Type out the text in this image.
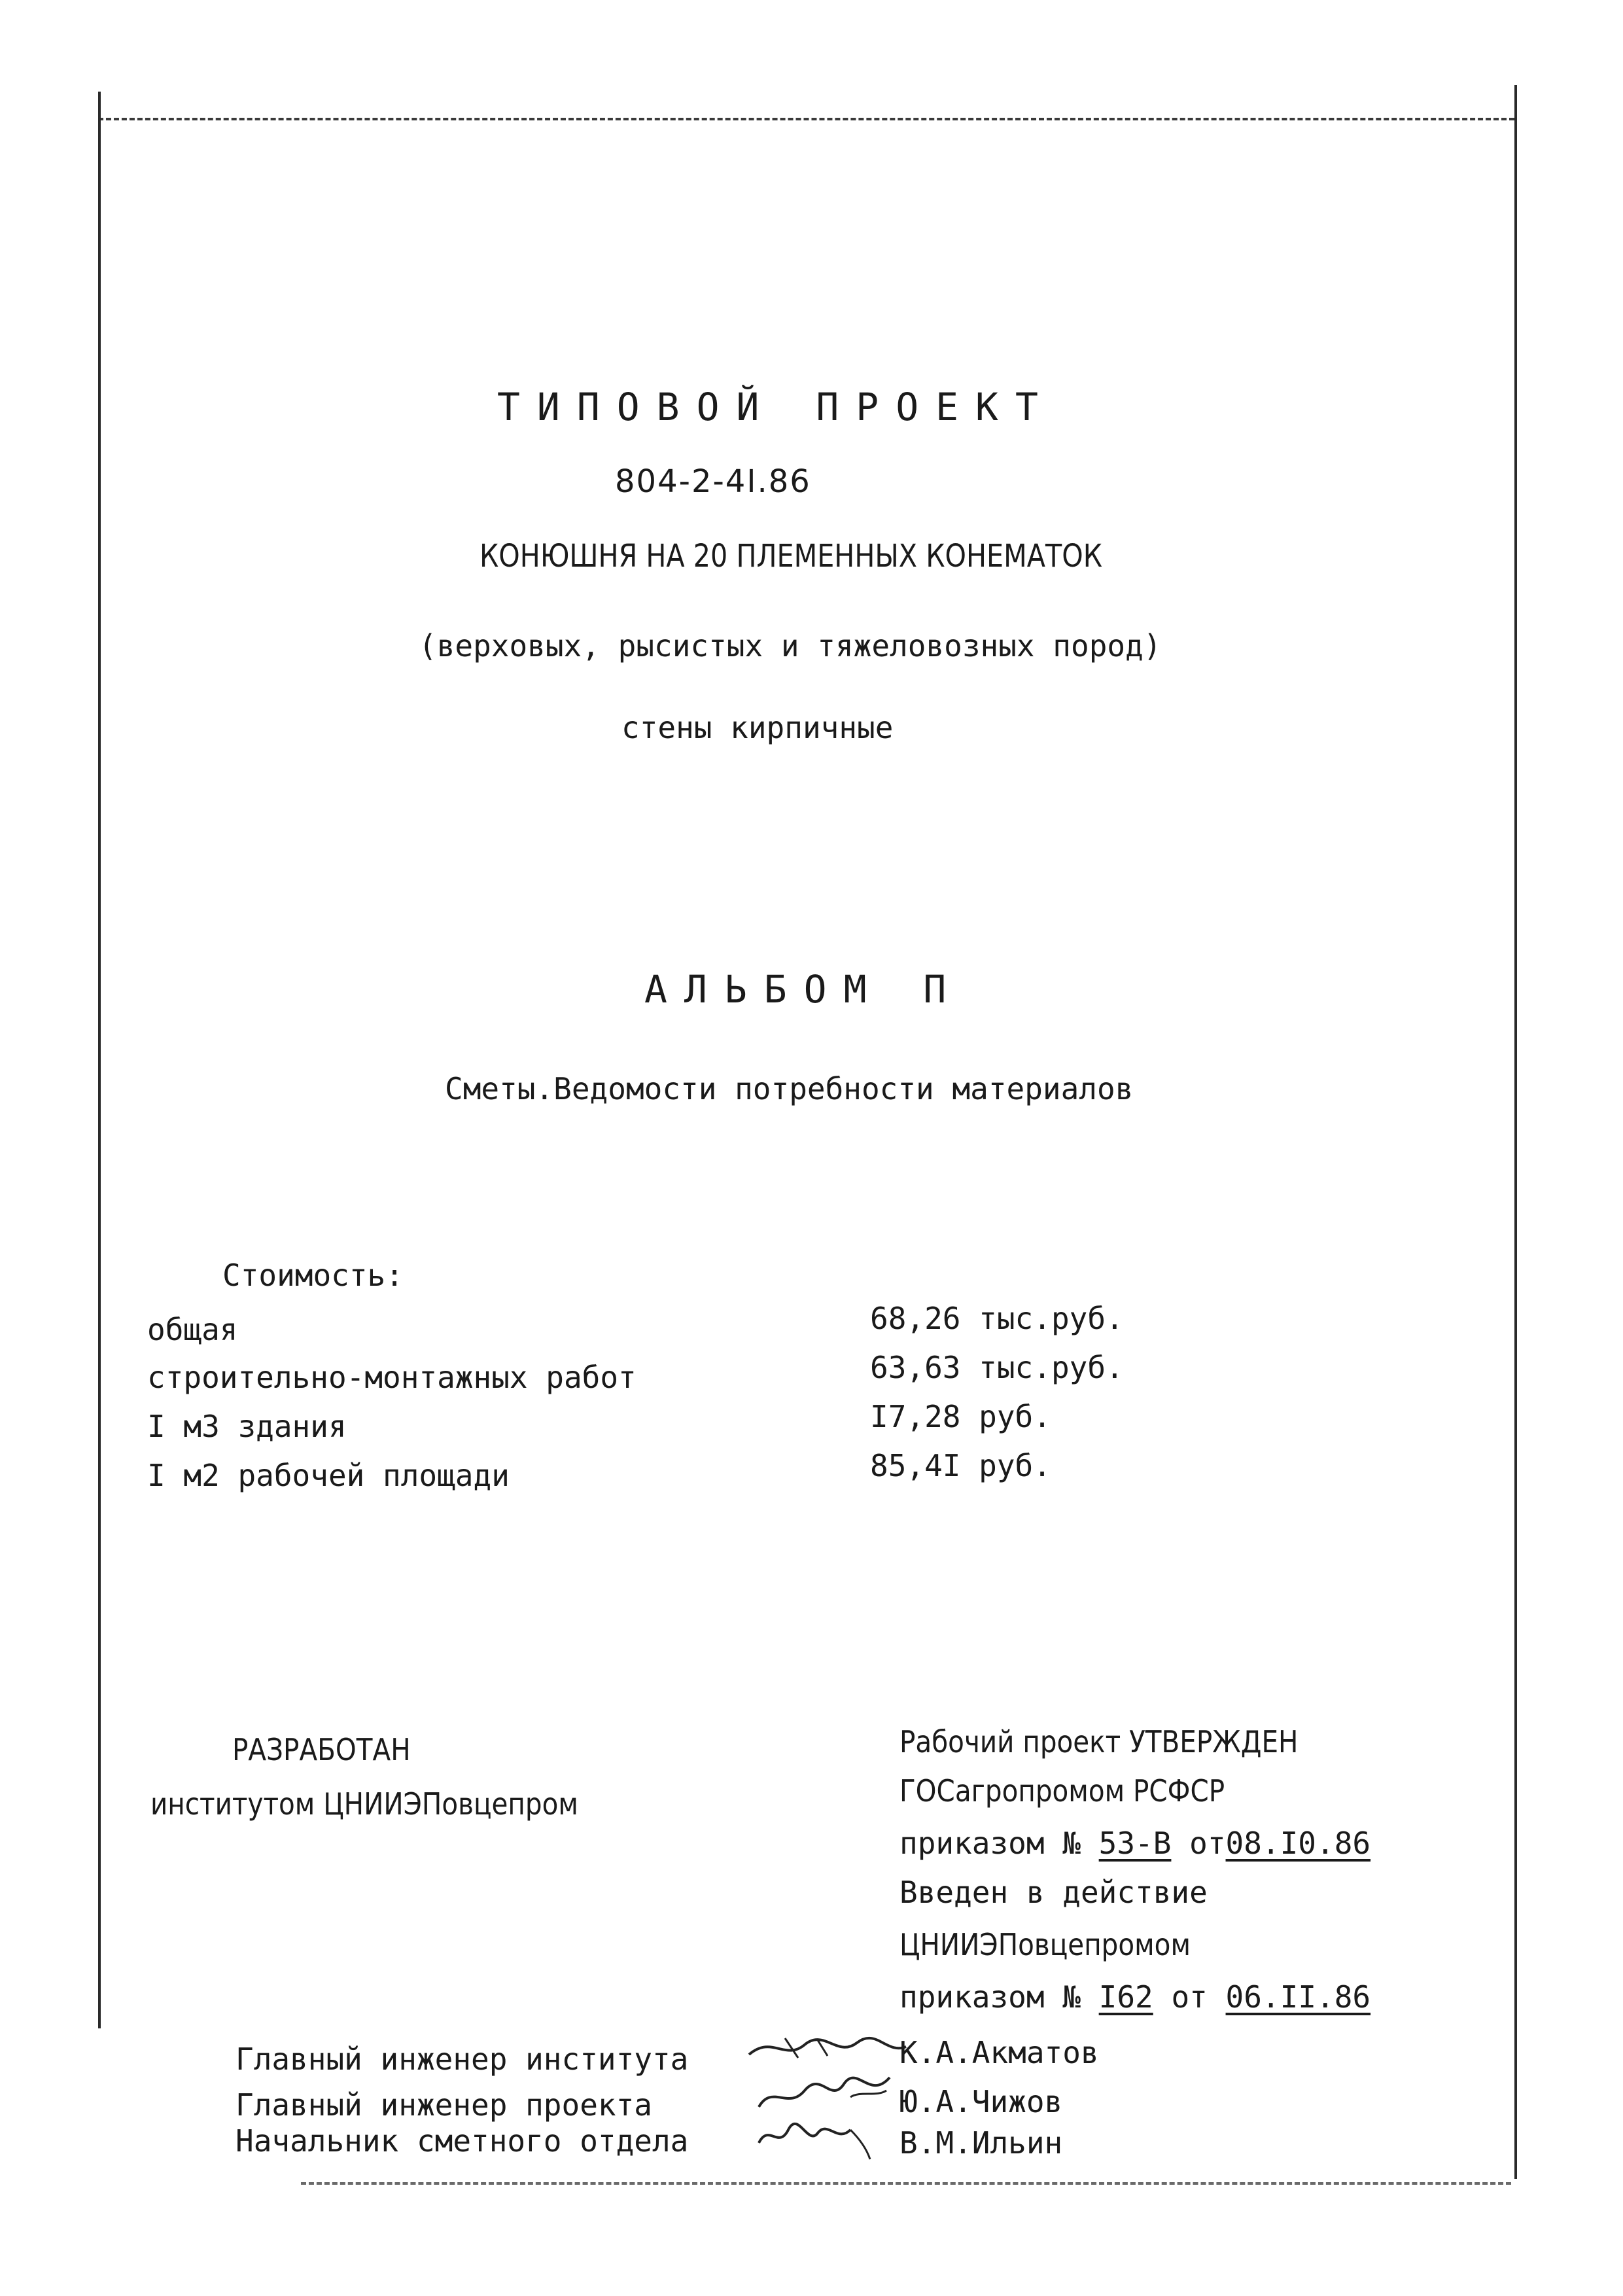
ТИПОВОЙ ПРОЕКТ
804-2-4I.86
КОНЮШНЯ НА 20 ПЛЕМЕННЫХ КОНЕМАТОК
(верховых, рысистых и тяжеловозных пород)
стены кирпичные
АЛЬБОМ П
Сметы.Ведомости потребности материалов
Стоимость:
общая	68,26 тыс.руб.
строительно-монтажных работ	63,63 тыс.руб.
I м3 здания	I7,28 руб.
I м2 рабочей площади	85,4I руб.
РАЗРАБОТАН
институтом ЦНИИЭПовцепром
Рабочий проект УТВЕРЖДЕН
ГОСагропромом РСФСР
приказом № 53-В от08.I0.86
Введен в действие
ЦНИИЭПовцепромом
приказом № I62 от 06.II.86
Главный инженер института	К.А.Акматов
Главный инженер проекта	Ю.А.Чижов
Начальник сметного отдела	В.М.Ильин
